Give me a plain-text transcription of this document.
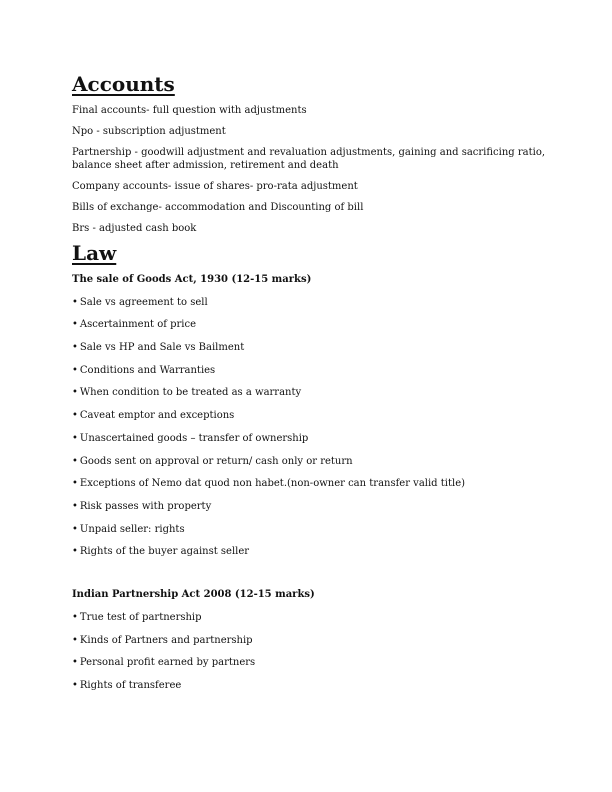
Accounts

Final accounts- full question with adjustments

Npo - subscription adjustment

Partnership - goodwill adjustment and revaluation adjustments, gaining and sacrificing ratio, balance sheet after admission, retirement and death

Company accounts- issue of shares- pro-rata adjustment

Bills of exchange- accommodation and Discounting of bill

Brs - adjusted cash book

Law

The sale of Goods Act, 1930 (12-15 marks)

• Sale vs agreement to sell
• Ascertainment of price
• Sale vs HP and Sale vs Bailment
• Conditions and Warranties
• When condition to be treated as a warranty
• Caveat emptor and exceptions
• Unascertained goods – transfer of ownership
• Goods sent on approval or return/ cash only or return
• Exceptions of Nemo dat quod non habet.(non-owner can transfer valid title)
• Risk passes with property
• Unpaid seller: rights
• Rights of the buyer against seller

Indian Partnership Act 2008 (12-15 marks)

• True test of partnership
• Kinds of Partners and partnership
• Personal profit earned by partners
• Rights of transferee
